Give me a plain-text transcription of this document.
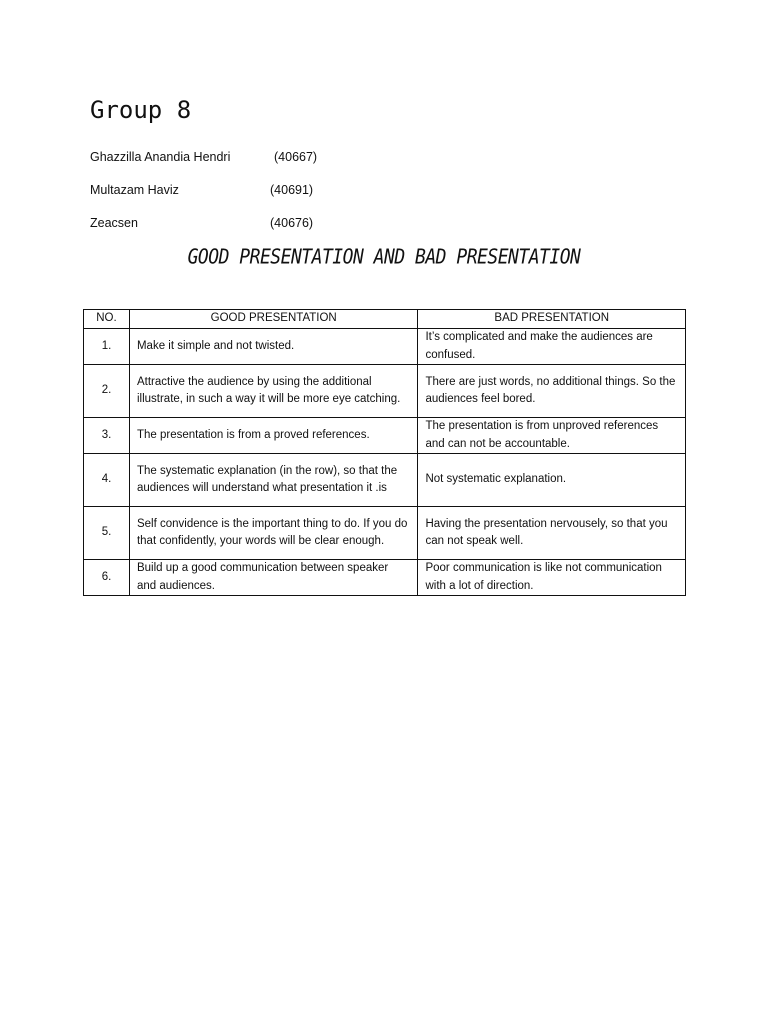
Group 8
Ghazzilla Anandia Hendri	(40667)
Multazam Haviz	(40691)
Zeacsen	(40676)
GOOD PRESENTATION AND BAD PRESENTATION
NO.	GOOD PRESENTATION	BAD PRESENTATION
1.	Make it simple and not twisted.	It’s complicated and make the audiences are confused.
2.	Attractive the audience by using the additional illustrate, in such a way it will be more eye catching.	There are just words, no additional things. So the audiences feel bored.
3.	The presentation is from a proved references.	The presentation is from unproved references and can not be accountable.
4.	The systematic explanation (in the row), so that the audiences will understand what presentation it .is	Not systematic explanation.
5.	Self convidence is the important thing to do. If you do that confidently, your words will be clear enough.	Having the presentation nervousely, so that you can not speak well.
6.	Build up a good communication between speaker and audiences.	Poor communication is like not communication with a lot of direction.
